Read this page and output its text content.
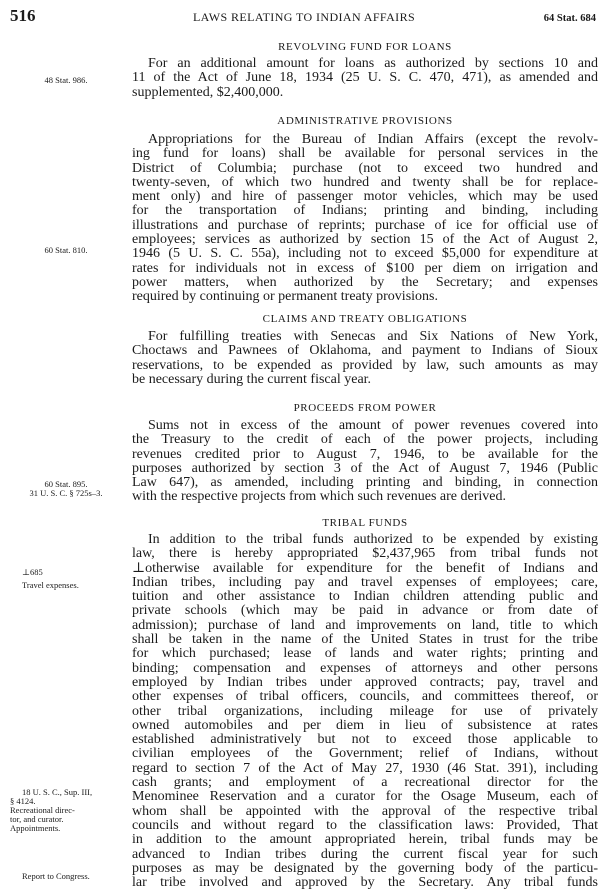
516	LAWS RELATING TO INDIAN AFFAIRS	64 Stat. 684
REVOLVING FUND FOR LOANS
For an additional amount for loans as authorized by sections 10 and
11 of the Act of June 18, 1934 (25 U. S. C. 470, 471), as amended and
supplemented, $2,400,000.
ADMINISTRATIVE PROVISIONS
Appropriations for the Bureau of Indian Affairs (except the revolv-
ing fund for loans) shall be available for personal services in the
District of Columbia; purchase (not to exceed two hundred and
twenty-seven, of which two hundred and twenty shall be for replace-
ment only) and hire of passenger motor vehicles, which may be used
for the transportation of Indians; printing and binding, including
illustrations and purchase of reprints; purchase of ice for official use of
employees; services as authorized by section 15 of the Act of August 2,
1946 (5 U. S. C. 55a), including not to exceed $5,000 for expenditure at
rates for individuals not in excess of $100 per diem on irrigation and
power matters, when authorized by the Secretary; and expenses
required by continuing or permanent treaty provisions.
CLAIMS AND TREATY OBLIGATIONS
For fulfilling treaties with Senecas and Six Nations of New York,
Choctaws and Pawnees of Oklahoma, and payment to Indians of Sioux
reservations, to be expended as provided by law, such amounts as may
be necessary during the current fiscal year.
PROCEEDS FROM POWER
Sums not in excess of the amount of power revenues covered into
the Treasury to the credit of each of the power projects, including
revenues credited prior to August 7, 1946, to be available for the
purposes authorized by section 3 of the Act of August 7, 1946 (Public
Law 647), as amended, including printing and binding, in connection
with the respective projects from which such revenues are derived.
TRIBAL FUNDS
In addition to the tribal funds authorized to be expended by existing
law, there is hereby appropriated $2,437,965 from tribal funds not
⊥otherwise available for expenditure for the benefit of Indians and
Indian tribes, including pay and travel expenses of employees; care,
tuition and other assistance to Indian children attending public and
private schools (which may be paid in advance or from date of
admission); purchase of land and improvements on land, title to which
shall be taken in the name of the United States in trust for the tribe
for which purchased; lease of lands and water rights; printing and
binding; compensation and expenses of attorneys and other persons
employed by Indian tribes under approved contracts; pay, travel and
other expenses of tribal officers, councils, and committees thereof, or
other tribal organizations, including mileage for use of privately
owned automobiles and per diem in lieu of subsistence at rates
established administratively but not to exceed those applicable to
civilian employees of the Government; relief of Indians, without
regard to section 7 of the Act of May 27, 1930 (46 Stat. 391), including
cash grants; and employment of a recreational director for the
Menominee Reservation and a curator for the Osage Museum, each of
whom shall be appointed with the approval of the respective tribal
councils and without regard to the classification laws: Provided, That
in addition to the amount appropriated herein, tribal funds may be
advanced to Indian tribes during the current fiscal year for such
purposes as may be designated by the governing body of the particu-
lar tribe involved and approved by the Secretary. Any tribal funds
48 Stat. 986.
60 Stat. 810.
60 Stat. 895.
31 U. S. C. § 725s–3.
⊥685
Travel expenses.
18 U. S. C., Sup. III,
§ 4124.
Recreational direc-
tor, and curator.
Appointments.
Report to Congress.
